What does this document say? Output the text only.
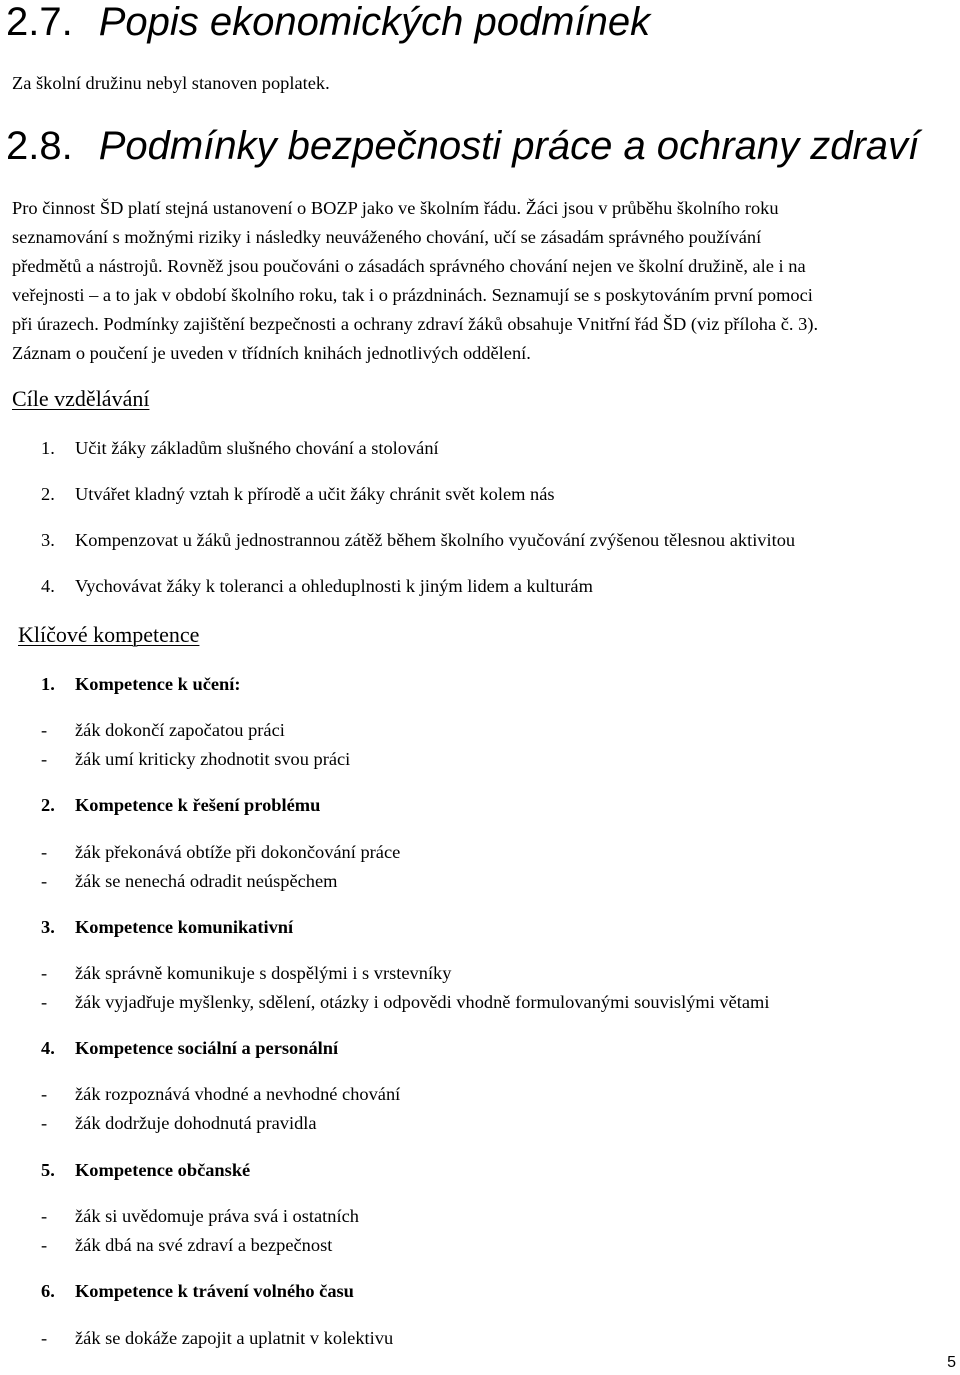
2.7. Popis ekonomických podmínek

Za školní družinu nebyl stanoven poplatek.

2.8. Podmínky bezpečnosti práce a ochrany zdraví

Pro činnost ŠD platí stejná ustanovení o BOZP jako ve školním řádu. Žáci jsou v průběhu školního roku

seznamování s možnými riziky i následky neuváženého chování, učí se zásadám správného používání

předmětů a nástrojů. Rovněž jsou poučováni o zásadách správného chování nejen ve školní družině, ale i na

veřejnosti – a to jak v období školního roku, tak i o prázdninách. Seznamují se s poskytováním první pomoci

při úrazech. Podmínky zajištění bezpečnosti a ochrany zdraví žáků obsahuje Vnitřní řád ŠD (viz příloha č. 3).

Záznam o poučení je uveden v třídních knihách jednotlivých oddělení.

Cíle vzdělávání
1. Učit žáky základům slušného chování a stolování
2. Utvářet kladný vztah k přírodě a učit žáky chránit svět kolem nás
3. Kompenzovat u žáků jednostrannou zátěž během školního vyučování zvýšenou tělesnou aktivitou
4. Vychovávat žáky k toleranci a ohleduplnosti k jiným lidem a kulturám
Klíčové kompetence
1. Kompetence k učení:
- žák dokončí započatou práci
- žák umí kriticky zhodnotit svou práci
2. Kompetence k řešení problému
- žák překonává obtíže při dokončování práce
- žák se nenechá odradit neúspěchem
3. Kompetence komunikativní
- žák správně komunikuje s dospělými i s vrstevníky
- žák vyjadřuje myšlenky, sdělení, otázky i odpovědi vhodně formulovanými souvislými větami
4. Kompetence sociální a personální
- žák rozpoznává vhodné a nevhodné chování
- žák dodržuje dohodnutá pravidla
5. Kompetence občanské
- žák si uvědomuje práva svá i ostatních
- žák dbá na své zdraví a bezpečnost
6. Kompetence k trávení volného času
- žák se dokáže zapojit a uplatnit v kolektivu
5
